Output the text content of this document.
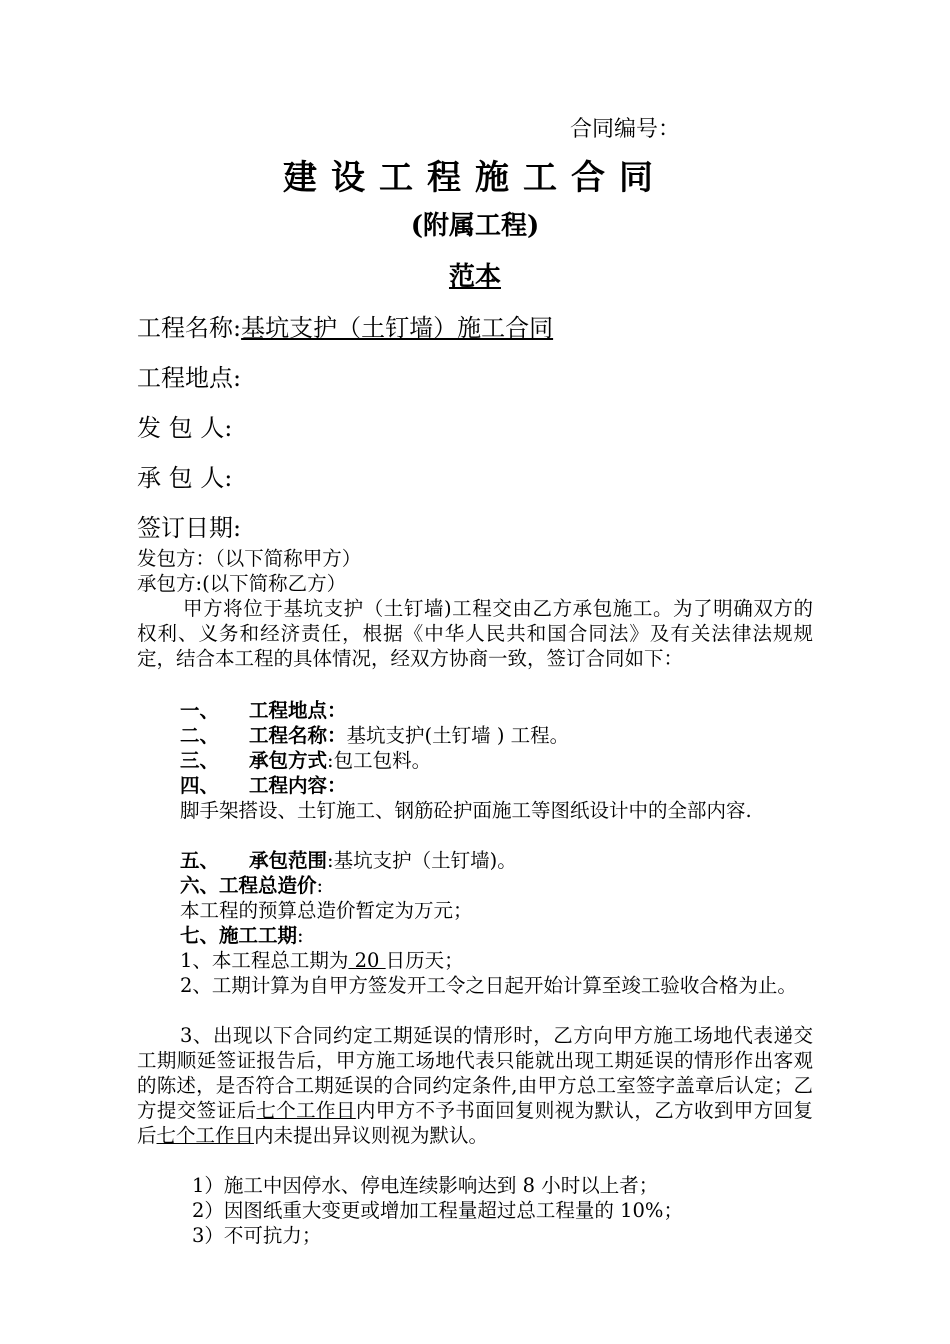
合同编号：
建设工程施工合同
(附属工程)
范本
工程名称:基坑支护（土钉墙）施工合同
工程地点:
发 包 人:
承 包 人:
签订日期:
发包方：（以下简称甲方）
承包方:(以下简称乙方）
甲方将位于基坑支护（土钉墙)工程交由乙方承包施工。为了明确双方的权利、义务和经济责任，根据《中华人民共和国合同法》及有关法律法规规定，结合本工程的具体情况，经双方协商一致，签订合同如下：
一、 工程地点：
二、 工程名称：基坑支护(土钉墙 ) 工程。
三、 承包方式:包工包料。
四、 工程内容：
脚手架搭设、土钉施工、钢筋砼护面施工等图纸设计中的全部内容.
五、 承包范围:基坑支护（土钉墙)。
六、工程总造价:
本工程的预算总造价暂定为万元；
七、施工工期:
1、本工程总工期为 20 日历天；
2、工期计算为自甲方签发开工令之日起开始计算至竣工验收合格为止。
3、出现以下合同约定工期延误的情形时，乙方向甲方施工场地代表递交工期顺延签证报告后，甲方施工场地代表只能就出现工期延误的情形作出客观的陈述，是否符合工期延误的合同约定条件,由甲方总工室签字盖章后认定；乙方提交签证后七个工作日内甲方不予书面回复则视为默认，乙方收到甲方回复后七个工作日内未提出异议则视为默认。
1）施工中因停水、停电连续影响达到 8 小时以上者；
2）因图纸重大变更或增加工程量超过总工程量的 10%；
3）不可抗力；
